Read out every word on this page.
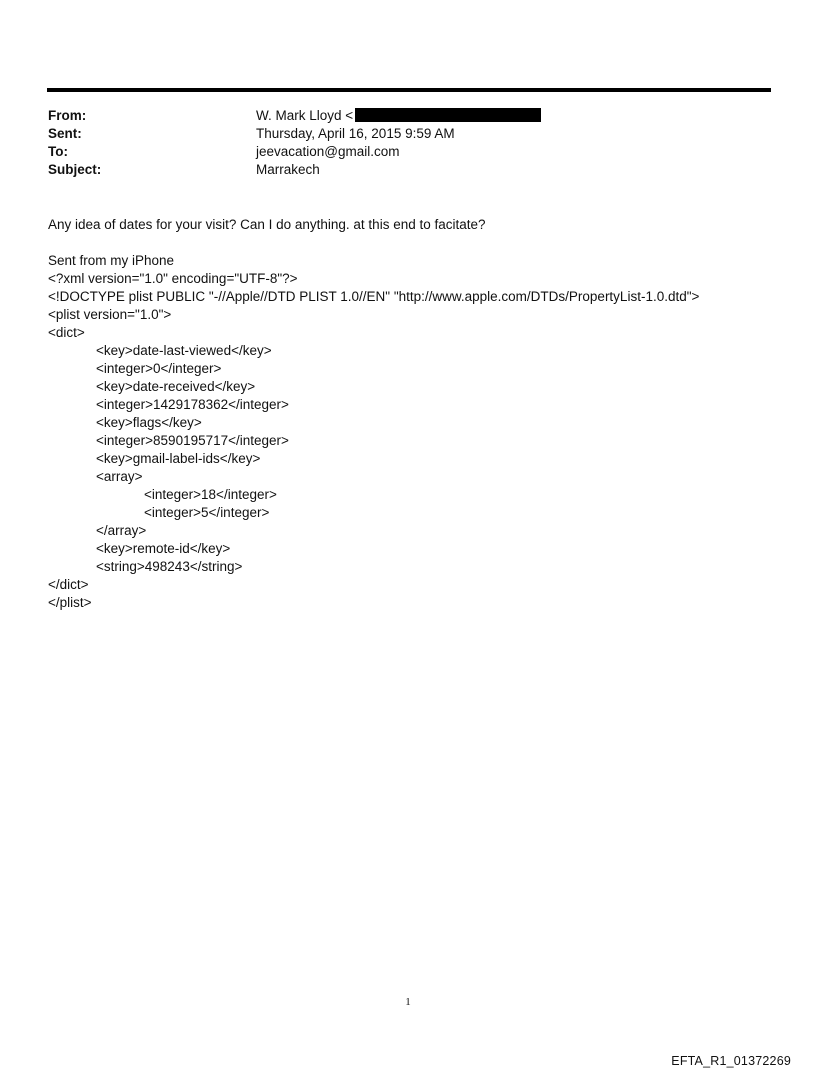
From:	W. Mark Lloyd <
Sent:	Thursday, April 16, 2015 9:59 AM
To:	jeevacation@gmail.com
Subject:	Marrakech
Any idea of dates for your visit? Can I do anything. at this end to facitate?
Sent from my iPhone
<?xml version="1.0" encoding="UTF-8"?>
<!DOCTYPE plist PUBLIC "-//Apple//DTD PLIST 1.0//EN" "http://www.apple.com/DTDs/PropertyList-1.0.dtd">
<plist version="1.0">
<dict>
<key>date-last-viewed</key>
<integer>0</integer>
<key>date-received</key>
<integer>1429178362</integer>
<key>flags</key>
<integer>8590195717</integer>
<key>gmail-label-ids</key>
<array>
<integer>18</integer>
<integer>5</integer>
</array>
<key>remote-id</key>
<string>498243</string>
</dict>
</plist>
1
EFTA_R1_01372269
